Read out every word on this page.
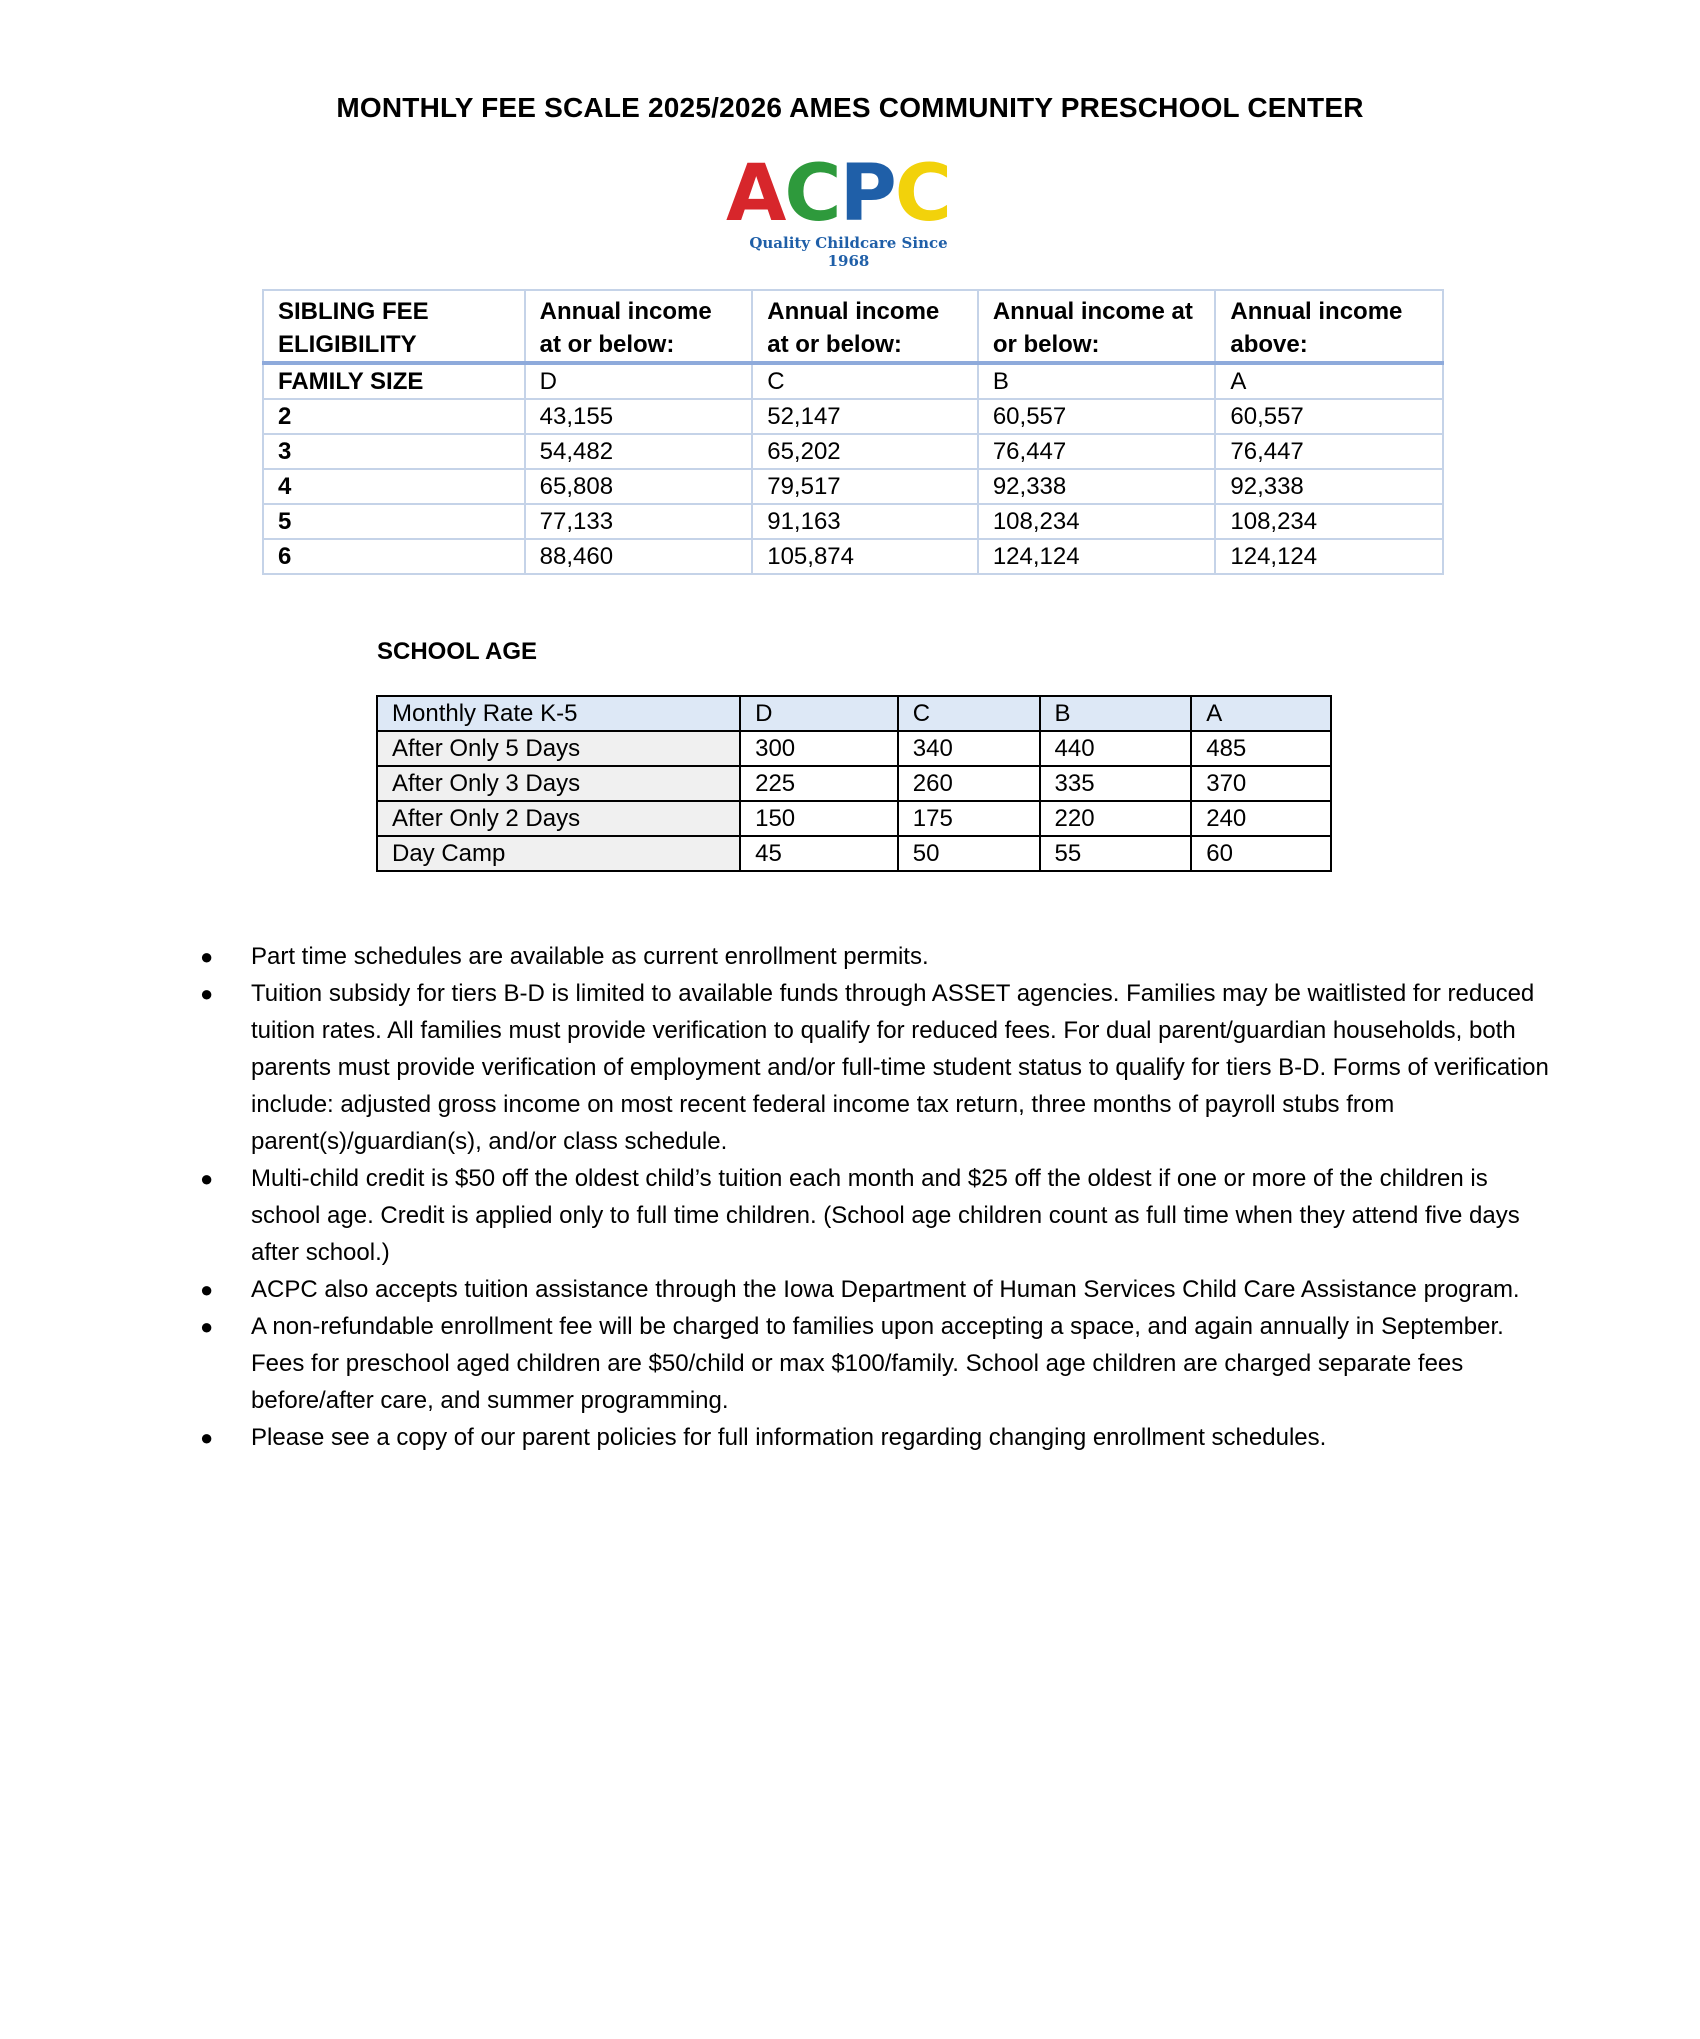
MONTHLY FEE SCALE 2025/2026 AMES COMMUNITY PRESCHOOL CENTER
A
C
P
C
Quality Childcare Since 1968
SIBLING FEE ELIGIBILITY	Annual income at or below:	Annual income at or below:	Annual income at or below:	Annual income above:
FAMILY SIZE	D	C	B	A
2	43,155	52,147	60,557	60,557
3	54,482	65,202	76,447	76,447
4	65,808	79,517	92,338	92,338
5	77,133	91,163	108,234	108,234
6	88,460	105,874	124,124	124,124
SCHOOL AGE
Monthly Rate K-5	D	C	B	A
After Only 5 Days	300	340	440	485
After Only 3 Days	225	260	335	370
After Only 2 Days	150	175	220	240
Day Camp	45	50	55	60
● Part time schedules are available as current enrollment permits.
● Tuition subsidy for tiers B-D is limited to available funds through ASSET agencies. Families may be waitlisted for reduced tuition rates. All families must provide verification to qualify for reduced fees. For dual parent/guardian households, both parents must provide verification of employment and/or full-time student status to qualify for tiers B-D. Forms of verification include: adjusted gross income on most recent federal income tax return, three months of payroll stubs from parent(s)/guardian(s), and/or class schedule.
● Multi-child credit is $50 off the oldest child’s tuition each month and $25 off the oldest if one or more of the children is school age. Credit is applied only to full time children. (School age children count as full time when they attend five days after school.)
● ACPC also accepts tuition assistance through the Iowa Department of Human Services Child Care Assistance program.
● A non-refundable enrollment fee will be charged to families upon accepting a space, and again annually in September. Fees for preschool aged children are $50/child or max $100/family. School age children are charged separate fees before/after care, and summer programming.
● Please see a copy of our parent policies for full information regarding changing enrollment schedules.
